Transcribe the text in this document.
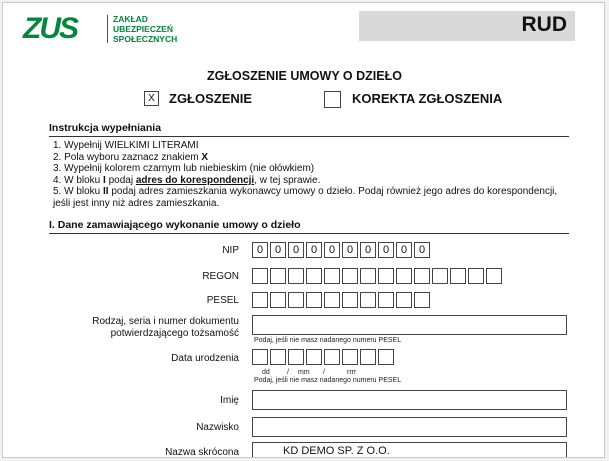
ZUS	ZAKŁAD
UBEZPIECZEŃ
SPOŁECZNYCH
RUD
ZGŁOSZENIE UMOWY O DZIEŁO
X	ZGŁOSZENIE	KOREKTA ZGŁOSZENIA
Instrukcja wypełniania
1. Wypełnij WIELKIMI LITERAMI
2. Pola wyboru zaznacz znakiem X
3. Wypełnij kolorem czarnym lub niebieskim (nie ołówkiem)
4. W bloku I podaj adres do korespondencji, w tej sprawie.
5. W bloku II podaj adres zamieszkania wykonawcy umowy o dzieło. Podaj również jego adres do korespondencji,
jeśli jest inny niż adres zamieszkania.
I. Dane zamawiającego wykonanie umowy o dzieło
NIP	0	0	0	0	0	0	0	0	0	0
REGON
PESEL
Rodzaj, seria i numer dokumentu
potwierdzającego tożsamość
Podaj, jeśli nie masz nadanego numeru PESEL
Data urodzenia
dd / mm /	rrrr
Podaj, jeśli nie masz nadanego numeru PESEL
Imię
Nazwisko
Nazwa skrócona	KD DEMO SP. Z O.O.
